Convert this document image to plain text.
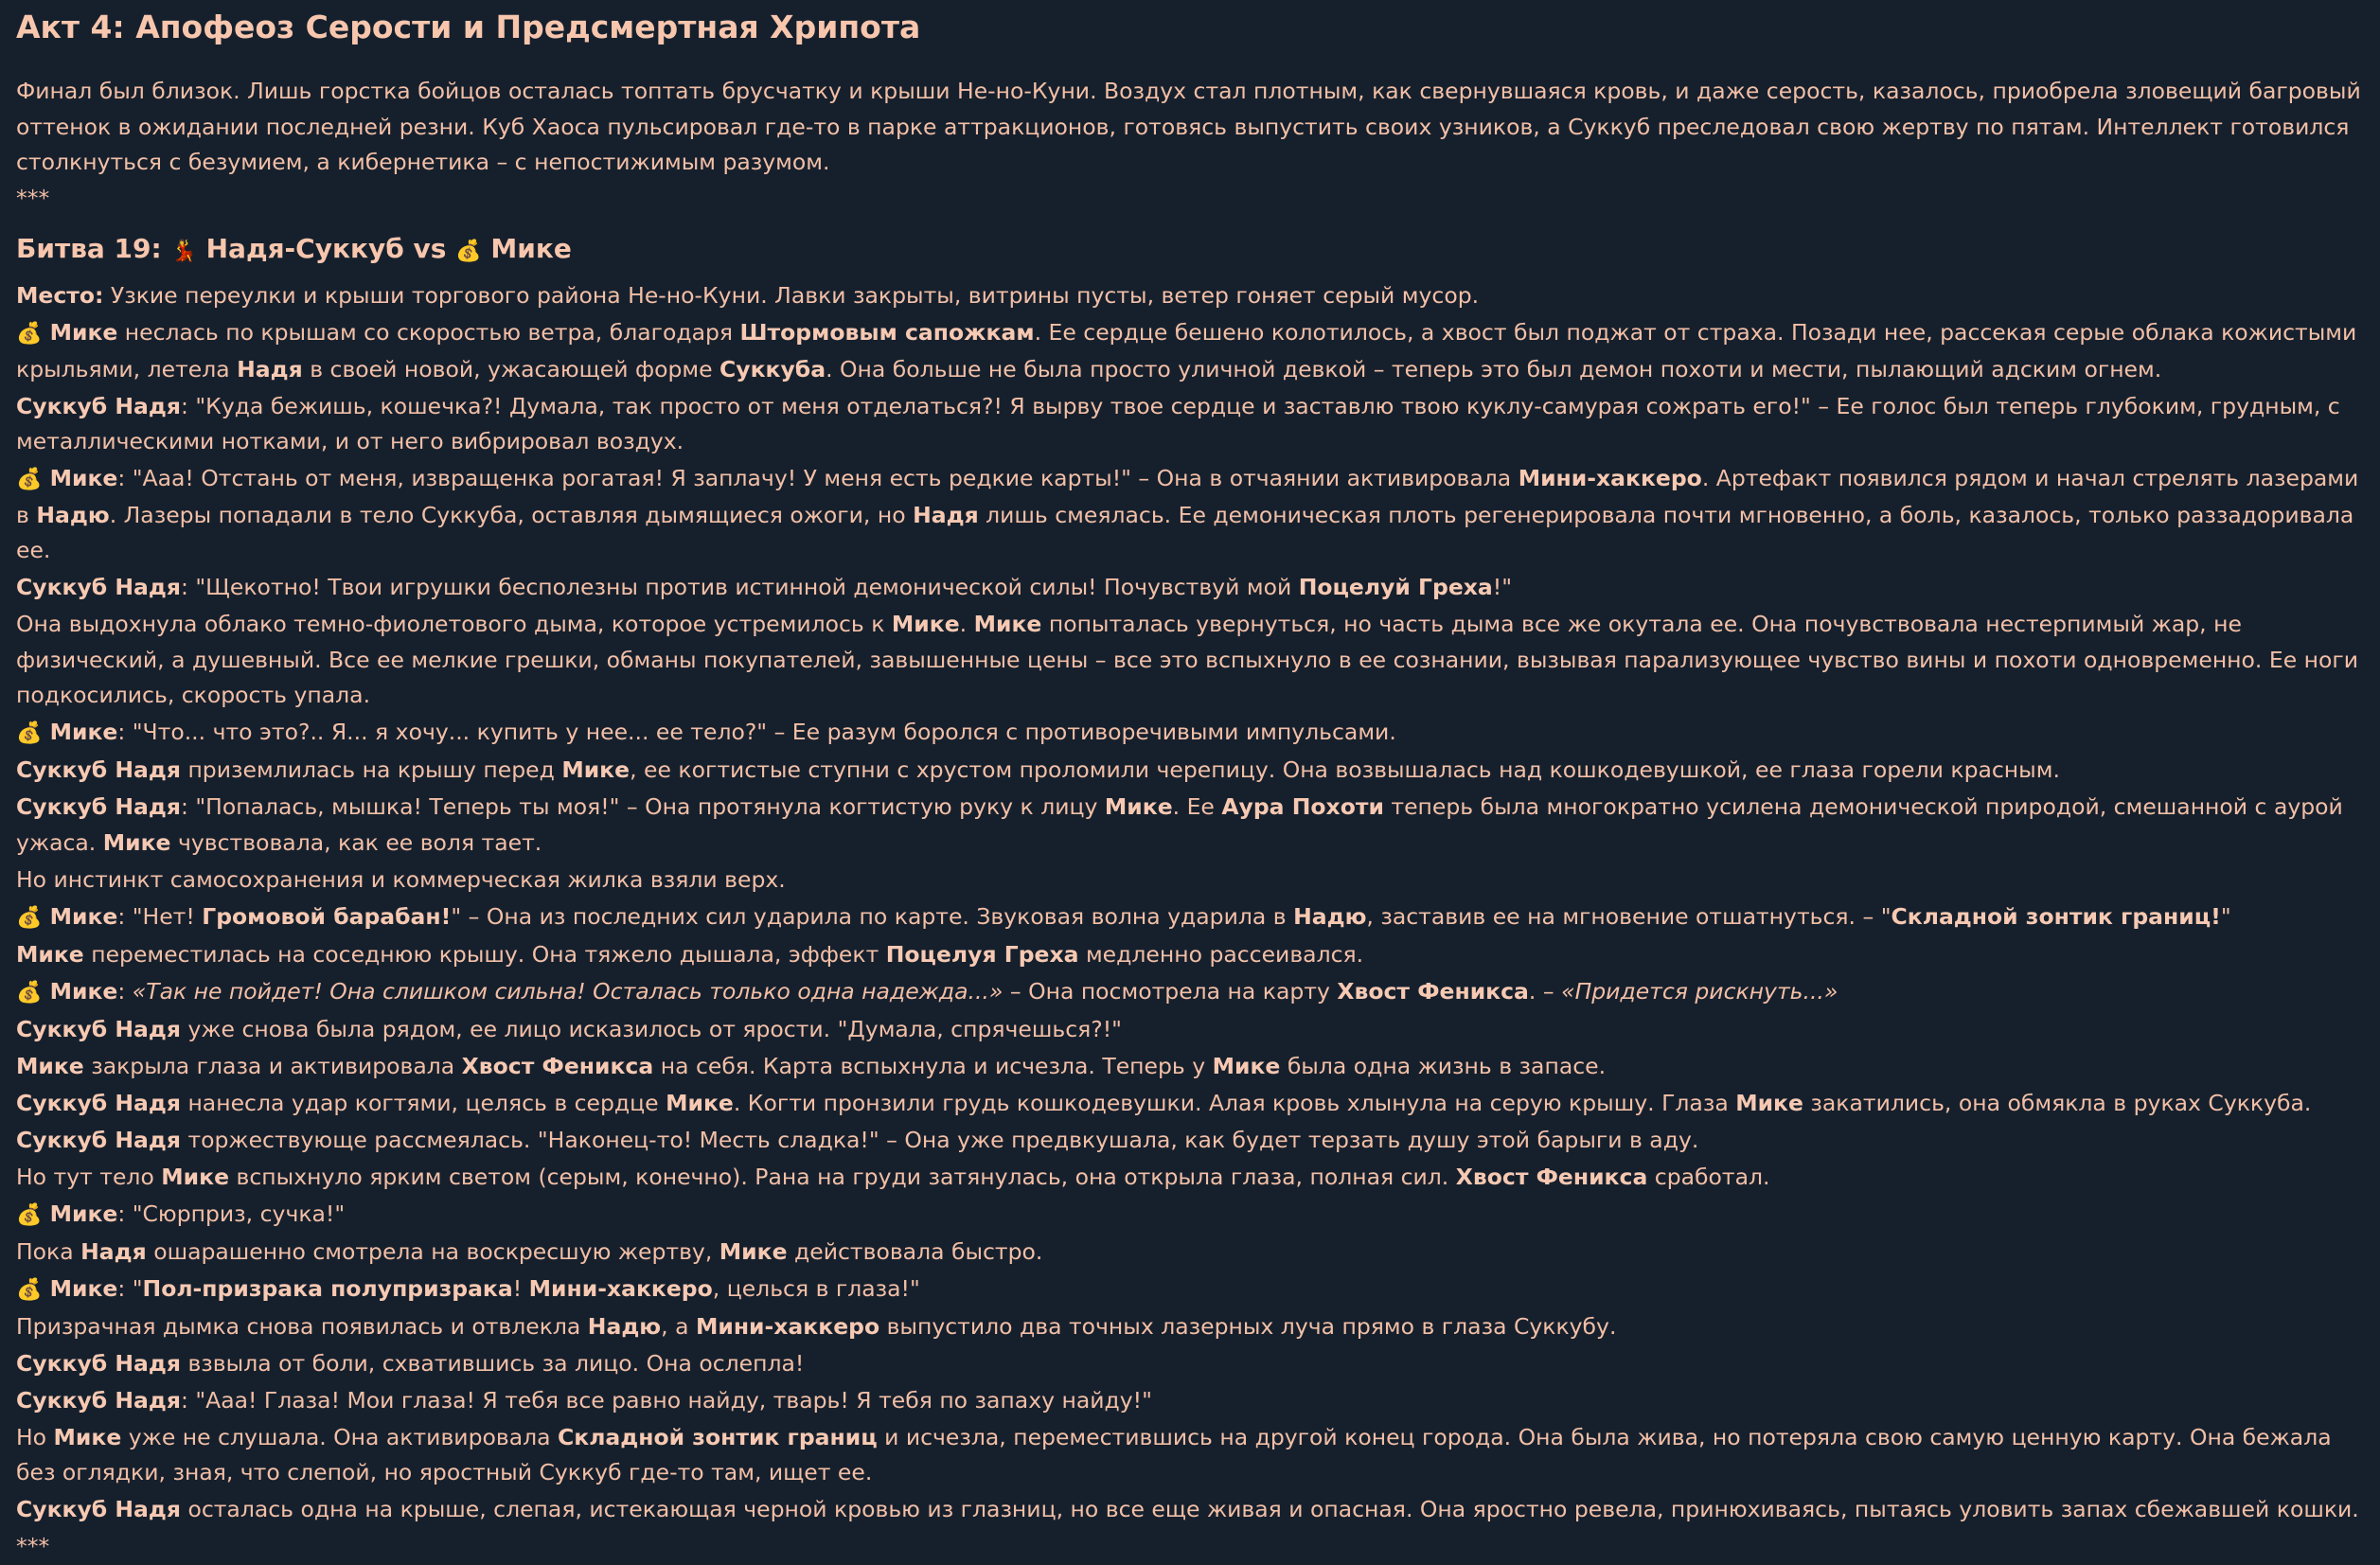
Акт 4: Апофеоз Серости и Предсмертная Хрипота
Финал был близок. Лишь горстка бойцов осталась топтать брусчатку и крыши Не-но-Куни. Воздух стал плотным, как свернувшаяся кровь, и даже серость, казалось, приобрела зловещий багровый оттенок в ожидании последней резни. Куб Хаоса пульсировал где-то в парке аттракционов, готовясь выпустить своих узников, а Суккуб преследовал свою жертву по пятам. Интеллект готовился столкнуться с безумием, а кибернетика – с непостижимым разумом.
***
Битва 19: 💃 Надя-Суккуб vs 💰 Мике
Место: Узкие переулки и крыши торгового района Не-но-Куни. Лавки закрыты, витрины пусты, ветер гоняет серый мусор.
💰 Мике неслась по крышам со скоростью ветра, благодаря Штормовым сапожкам. Ее сердце бешено колотилось, а хвост был поджат от страха. Позади нее, рассекая серые облака кожистыми крыльями, летела Надя в своей новой, ужасающей форме Суккуба. Она больше не была просто уличной девкой – теперь это был демон похоти и мести, пылающий адским огнем.
Суккуб Надя: "Куда бежишь, кошечка?! Думала, так просто от меня отделаться?! Я вырву твое сердце и заставлю твою куклу-самурая сожрать его!" – Ее голос был теперь глубоким, грудным, с металлическими нотками, и от него вибрировал воздух.
💰 Мике: "Ааа! Отстань от меня, извращенка рогатая! Я заплачу! У меня есть редкие карты!" – Она в отчаянии активировала Мини-хаккеро. Артефакт появился рядом и начал стрелять лазерами в Надю. Лазеры попадали в тело Суккуба, оставляя дымящиеся ожоги, но Надя лишь смеялась. Ее демоническая плоть регенерировала почти мгновенно, а боль, казалось, только раззадоривала ее.
Суккуб Надя: "Щекотно! Твои игрушки бесполезны против истинной демонической силы! Почувствуй мой Поцелуй Греха!"
Она выдохнула облако темно-фиолетового дыма, которое устремилось к Мике. Мике попыталась увернуться, но часть дыма все же окутала ее. Она почувствовала нестерпимый жар, не физический, а душевный. Все ее мелкие грешки, обманы покупателей, завышенные цены – все это вспыхнуло в ее сознании, вызывая парализующее чувство вины и похоти одновременно. Ее ноги подкосились, скорость упала.
💰 Мике: "Что... что это?.. Я... я хочу... купить у нее... ее тело?" – Ее разум боролся с противоречивыми импульсами.
Суккуб Надя приземлилась на крышу перед Мике, ее когтистые ступни с хрустом проломили черепицу. Она возвышалась над кошкодевушкой, ее глаза горели красным.
Суккуб Надя: "Попалась, мышка! Теперь ты моя!" – Она протянула когтистую руку к лицу Мике. Ее Аура Похоти теперь была многократно усилена демонической природой, смешанной с аурой ужаса. Мике чувствовала, как ее воля тает.
Но инстинкт самосохранения и коммерческая жилка взяли верх.
💰 Мике: "Нет! Громовой барабан!" – Она из последних сил ударила по карте. Звуковая волна ударила в Надю, заставив ее на мгновение отшатнуться. – "Складной зонтик границ!"
Мике переместилась на соседнюю крышу. Она тяжело дышала, эффект Поцелуя Греха медленно рассеивался.
💰 Мике: «Так не пойдет! Она слишком сильна! Осталась только одна надежда...» – Она посмотрела на карту Хвост Феникса. – «Придется рискнуть...»
Суккуб Надя уже снова была рядом, ее лицо исказилось от ярости. "Думала, спрячешься?!"
Мике закрыла глаза и активировала Хвост Феникса на себя. Карта вспыхнула и исчезла. Теперь у Мике была одна жизнь в запасе.
Суккуб Надя нанесла удар когтями, целясь в сердце Мике. Когти пронзили грудь кошкодевушки. Алая кровь хлынула на серую крышу. Глаза Мике закатились, она обмякла в руках Суккуба.
Суккуб Надя торжествующе рассмеялась. "Наконец-то! Месть сладка!" – Она уже предвкушала, как будет терзать душу этой барыги в аду.
Но тут тело Мике вспыхнуло ярким светом (серым, конечно). Рана на груди затянулась, она открыла глаза, полная сил. Хвост Феникса сработал.
💰 Мике: "Сюрприз, сучка!"
Пока Надя ошарашенно смотрела на воскресшую жертву, Мике действовала быстро.
💰 Мике: "Пол-призрака полупризрака! Мини-хаккеро, целься в глаза!"
Призрачная дымка снова появилась и отвлекла Надю, а Мини-хаккеро выпустило два точных лазерных луча прямо в глаза Суккубу.
Суккуб Надя взвыла от боли, схватившись за лицо. Она ослепла!
Суккуб Надя: "Ааа! Глаза! Мои глаза! Я тебя все равно найду, тварь! Я тебя по запаху найду!"
Но Мике уже не слушала. Она активировала Складной зонтик границ и исчезла, переместившись на другой конец города. Она была жива, но потеряла свою самую ценную карту. Она бежала без оглядки, зная, что слепой, но яростный Суккуб где-то там, ищет ее.
Суккуб Надя осталась одна на крыше, слепая, истекающая черной кровью из глазниц, но все еще живая и опасная. Она яростно ревела, принюхиваясь, пытаясь уловить запах сбежавшей кошки.
***
